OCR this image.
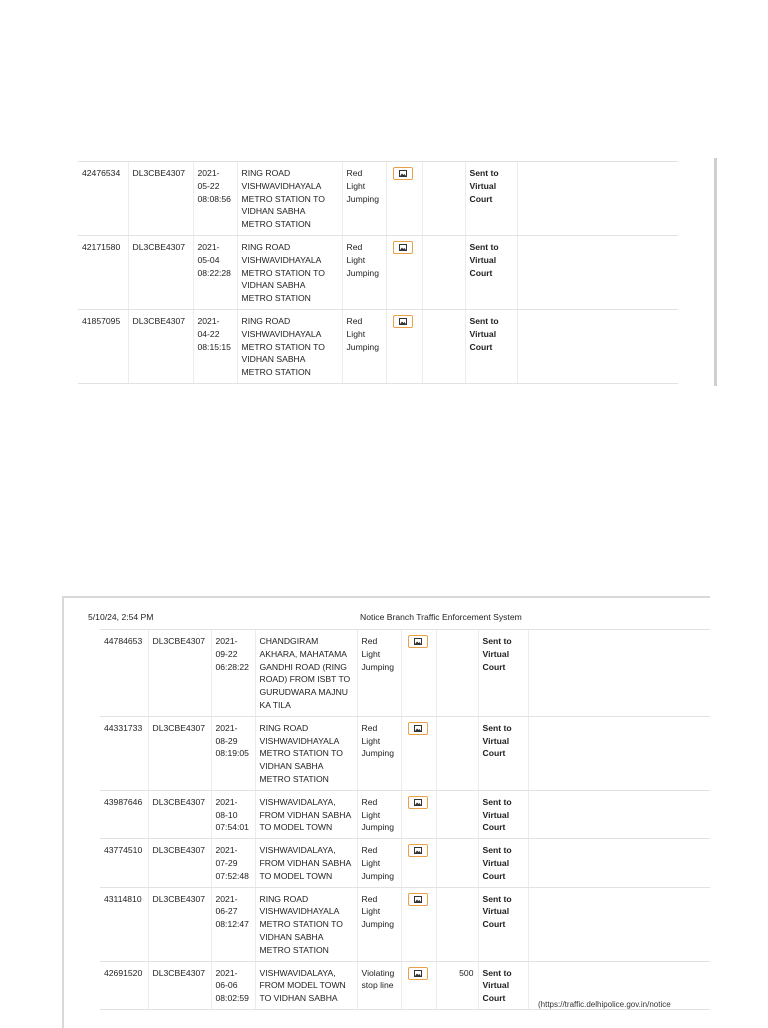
42476534	DL3CBE4307	2021-
05-22
08:08:56	RING ROAD VISHWAVIDHAYALA METRO STATION TO VIDHAN SABHA METRO STATION	Red Light Jumping			Sent to Virtual Court	
42171580	DL3CBE4307	2021-
05-04
08:22:28	RING ROAD VISHWAVIDHAYALA METRO STATION TO VIDHAN SABHA METRO STATION	Red Light Jumping			Sent to Virtual Court	
41857095	DL3CBE4307	2021-
04-22
08:15:15	RING ROAD VISHWAVIDHAYALA METRO STATION TO VIDHAN SABHA METRO STATION	Red Light Jumping			Sent to Virtual Court	
5/10/24, 2:54 PM	Notice Branch Traffic Enforcement System
44784653	DL3CBE4307	2021-
09-22
06:28:22	CHANDGIRAM AKHARA, MAHATAMA GANDHI ROAD (RING ROAD) FROM ISBT TO GURUDWARA MAJNU KA TILA	Red Light Jumping			Sent to Virtual Court	
44331733	DL3CBE4307	2021-
08-29
08:19:05	RING ROAD VISHWAVIDHAYALA METRO STATION TO VIDHAN SABHA METRO STATION	Red Light Jumping			Sent to Virtual Court	
43987646	DL3CBE4307	2021-
08-10
07:54:01	VISHWAVIDALAYA, FROM VIDHAN SABHA TO MODEL TOWN	Red Light Jumping			Sent to Virtual Court	
43774510	DL3CBE4307	2021-
07-29
07:52:48	VISHWAVIDALAYA, FROM VIDHAN SABHA TO MODEL TOWN	Red Light Jumping			Sent to Virtual Court	
43114810	DL3CBE4307	2021-
06-27
08:12:47	RING ROAD VISHWAVIDHAYALA METRO STATION TO VIDHAN SABHA METRO STATION	Red Light Jumping			Sent to Virtual Court	
42691520	DL3CBE4307	2021-
06-06
08:02:59	VISHWAVIDALAYA, FROM MODEL TOWN TO VIDHAN SABHA	Violating stop line		500	Sent to Virtual Court	
(https://traffic.delhipolice.gov.in/notice
